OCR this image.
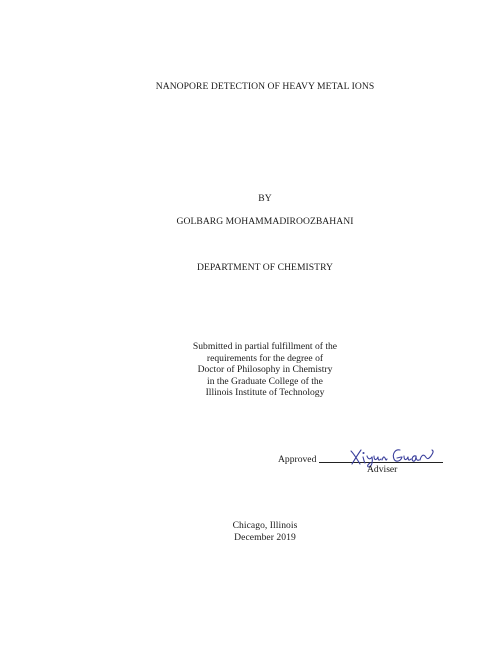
NANOPORE DETECTION OF HEAVY METAL IONS
BY
GOLBARG MOHAMMADIROOZBAHANI
DEPARTMENT OF CHEMISTRY
Submitted in partial fulfillment of the
requirements for the degree of
Doctor of Philosophy in Chemistry
in the Graduate College of the
Illinois Institute of Technology
Approved
Adviser
Chicago, Illinois
December 2019
